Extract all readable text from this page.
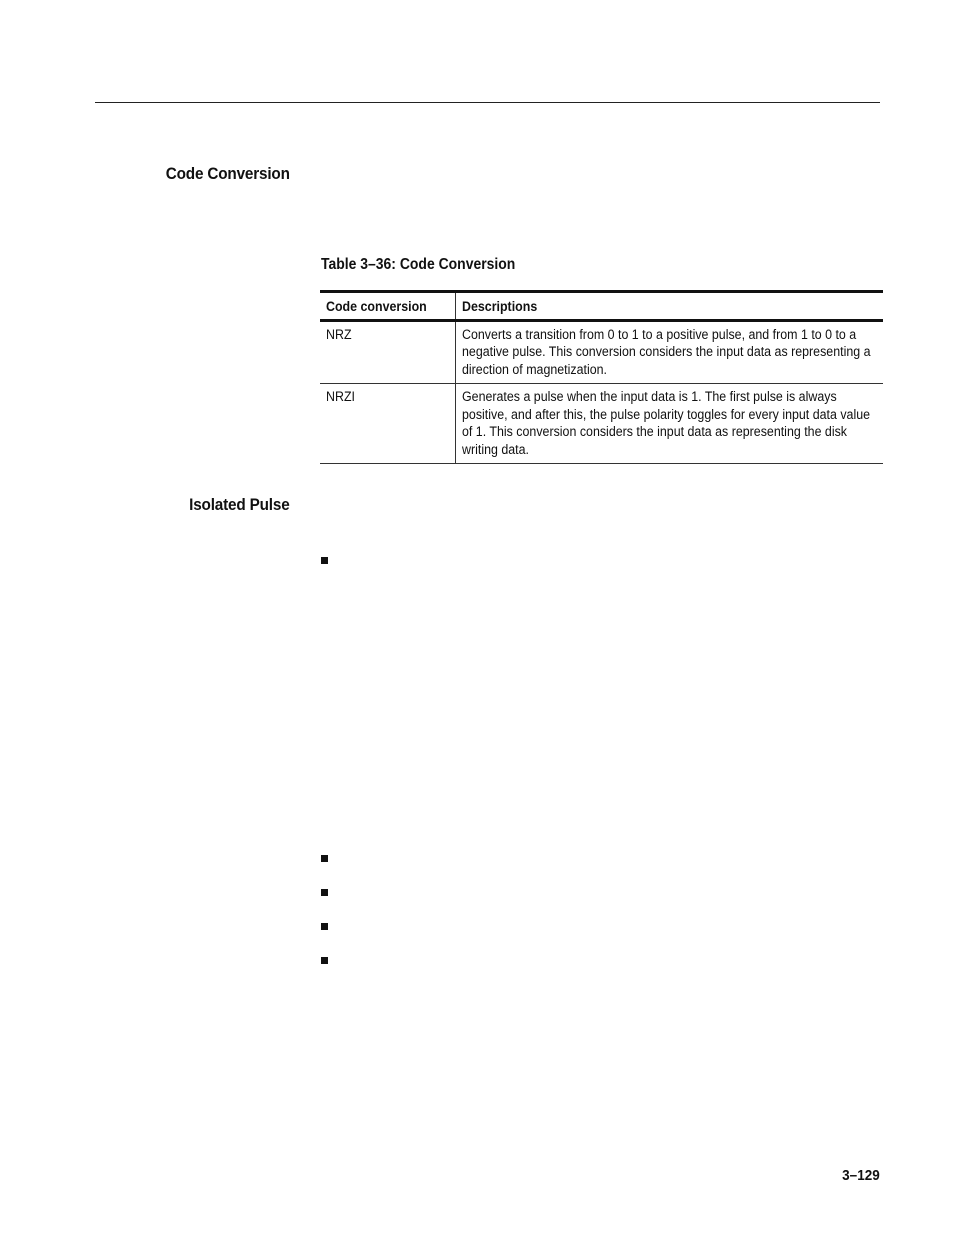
Code Conversion
Table 3–36: Code Conversion
Code conversion	Descriptions

NRZ	Converts a transition from 0 to 1 to a positive pulse, and from 1 to 0 to a negative pulse. This conversion considers the input data as representing a direction of magnetization.

NRZI	Generates a pulse when the input data is 1. The first pulse is always positive, and after this, the pulse polarity toggles for every input data value of 1. This conversion considers the input data as representing the disk writing data.
Isolated Pulse
3–129
